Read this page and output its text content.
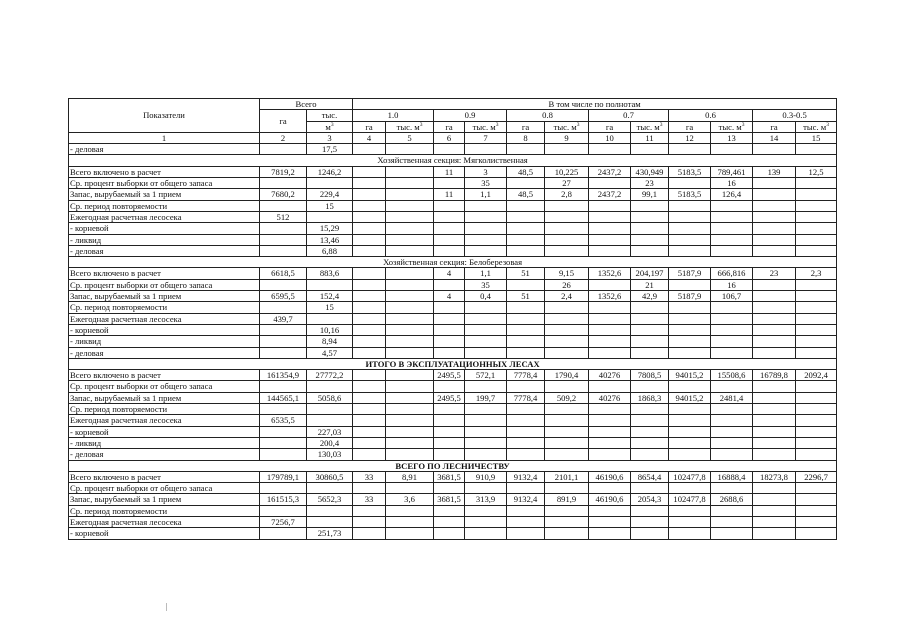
Показатели	Всего		В том числе по полнотам											
	га	тыс.	1.0		0.9		0.8		0.7		0.6		0.3-0.5	
		$м^3$	га	тыс. $м^3$	га	тыс. $м^3$	га	тыс. $м^3$	га	тыс. $м^3$	га	тыс. $м^3$	га	тыс. $м^3$
1	2	3	4	5	6	7	8	9	10	11	12	13	14	15
- деловая		17,5												
Хозяйственная секция: Мягколиственная														
Всего включено в расчет	7819,2	1246,2			11	3	48,5	10,225	2437,2	430,949	5183,5	789,461	139	12,5
Ср. процент выборки от общего запаса						35		27		23		16		
Запас, вырубаемый за 1 прием	7680,2	229,4			11	1,1	48,5	2,8	2437,2	99,1	5183,5	126,4		
Ср. период повторяемости		15												
Ежегодная расчетная лесосека	512													
- корневой		15,29												
- ликвид		13,46												
- деловая		6,88												
Хозяйственная секция: Белоберезовая														
Всего включено в расчет	6618,5	883,6			4	1,1	51	9,15	1352,6	204,197	5187,9	666,816	23	2,3
Ср. процент выборки от общего запаса						35		26		21		16		
Запас, вырубаемый за 1 прием	6595,5	152,4			4	0,4	51	2,4	1352,6	42,9	5187,9	106,7		
Ср. период повторяемости		15												
Ежегодная расчетная лесосека	439,7													
- корневой		10,16												
- ликвид		8,94												
- деловая		4,57												
ИТОГО В ЭКСПЛУАТАЦИОННЫХ ЛЕСАХ														
Всего включено в расчет	161354,9	27772,2			2495,5	572,1	7778,4	1790,4	40276	7808,5	94015,2	15508,6	16789,8	2092,4
Ср. процент выборки от общего запаса														
Запас, вырубаемый за 1 прием	144565,1	5058,6			2495,5	199,7	7778,4	509,2	40276	1868,3	94015,2	2481,4		
Ср. период повторяемости														
Ежегодная расчетная лесосека	6535,5													
- корневой		227,03												
- ликвид		200,4												
- деловая		130,03												
ВСЕГО ПО ЛЕСНИЧЕСТВУ														
Всего включено в расчет	179789,1	30860,5	33	8,91	3681,5	910,9	9132,4	2101,1	46190,6	8654,4	102477,8	16888,4	18273,8	2296,7
Ср. процент выборки от общего запаса														
Запас, вырубаемый за 1 прием	161515,3	5652,3	33	3,6	3681,5	313,9	9132,4	891,9	46190,6	2054,3	102477,8	2688,6		
Ср. период повторяемости														
Ежегодная расчетная лесосека	7256,7													
- корневой		251,73												
